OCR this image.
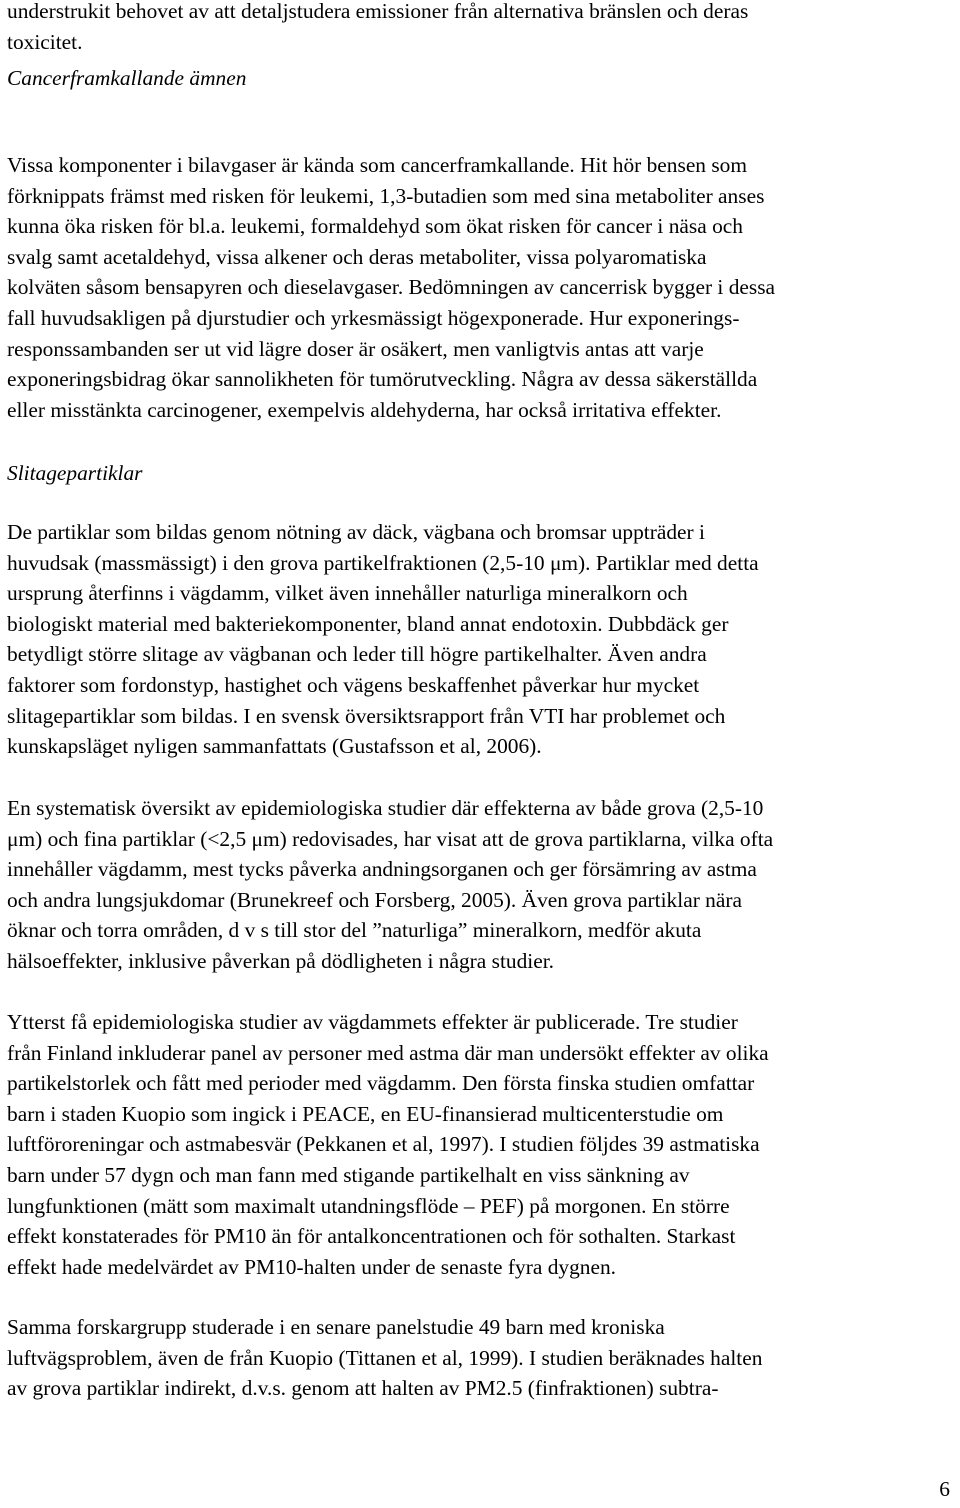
understrukit behovet av att detaljstudera emissioner från alternativa bränslen och deras
toxicitet.
Cancerframkallande ämnen
Vissa komponenter i bilavgaser är kända som cancerframkallande. Hit hör bensen som
förknippats främst med risken för leukemi, 1,3-butadien som med sina metaboliter anses
kunna öka risken för bl.a. leukemi, formaldehyd som ökat risken för cancer i näsa och
svalg samt acetaldehyd, vissa alkener och deras metaboliter, vissa polyaromatiska
kolväten såsom bensapyren och dieselavgaser. Bedömningen av cancerrisk bygger i dessa
fall huvudsakligen på djurstudier och yrkesmässigt högexponerade. Hur exponerings-
responssambanden ser ut vid lägre doser är osäkert, men vanligtvis antas att varje
exponeringsbidrag ökar sannolikheten för tumörutveckling. Några av dessa säkerställda
eller misstänkta carcinogener, exempelvis aldehyderna, har också irritativa effekter.
Slitagepartiklar
De partiklar som bildas genom nötning av däck, vägbana och bromsar uppträder i
huvudsak (massmässigt) i den grova partikelfraktionen (2,5-10 μm). Partiklar med detta
ursprung återfinns i vägdamm, vilket även innehåller naturliga mineralkorn och
biologiskt material med bakteriekomponenter, bland annat endotoxin. Dubbdäck ger
betydligt större slitage av vägbanan och leder till högre partikelhalter. Även andra
faktorer som fordonstyp, hastighet och vägens beskaffenhet påverkar hur mycket
slitagepartiklar som bildas. I en svensk översiktsrapport från VTI har problemet och
kunskapsläget nyligen sammanfattats (Gustafsson et al, 2006).
En systematisk översikt av epidemiologiska studier där effekterna av både grova (2,5-10
μm) och fina partiklar (<2,5 μm) redovisades, har visat att de grova partiklarna, vilka ofta
innehåller vägdamm, mest tycks påverka andningsorganen och ger försämring av astma
och andra lungsjukdomar (Brunekreef och Forsberg, 2005). Även grova partiklar nära
öknar och torra områden, d v s till stor del ”naturliga” mineralkorn, medför akuta
hälsoeffekter, inklusive påverkan på dödligheten i några studier.
Ytterst få epidemiologiska studier av vägdammets effekter är publicerade. Tre studier
från Finland inkluderar panel av personer med astma där man undersökt effekter av olika
partikelstorlek och fått med perioder med vägdamm. Den första finska studien omfattar
barn i staden Kuopio som ingick i PEACE, en EU-finansierad multicenterstudie om
luftföroreningar och astmabesvär (Pekkanen et al, 1997). I studien följdes 39 astmatiska
barn under 57 dygn och man fann med stigande partikelhalt en viss sänkning av
lungfunktionen (mätt som maximalt utandningsflöde – PEF) på morgonen. En större
effekt konstaterades för PM10 än för antalkoncentrationen och för sothalten. Starkast
effekt hade medelvärdet av PM10-halten under de senaste fyra dygnen.
Samma forskargrupp studerade i en senare panelstudie 49 barn med kroniska
luftvägsproblem, även de från Kuopio (Tittanen et al, 1999). I studien beräknades halten
av grova partiklar indirekt, d.v.s. genom att halten av PM2.5 (finfraktionen) subtra-
6
